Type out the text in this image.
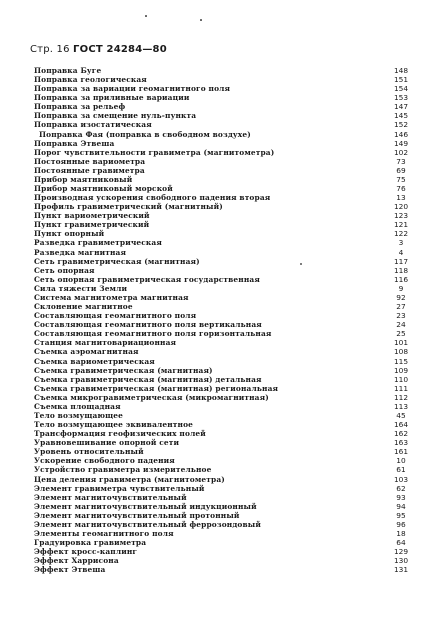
Стр. 16 ГОСТ 24284—80
Поправка Буге	148
Поправка геологическая	151
Поправка за вариации геомагнитного поля	154
Поправка за приливные вариации	153
Поправка за рельеф	147
Поправка за смещение нуль-пункта	145
Поправка изостатическая	152
Поправка Фая (поправка в свободном воздухе)	146
Поправка Этвеша	149
Порог чувствительности гравиметра (магнитометра)	102
Постоянные вариометра	73
Постоянные гравиметра	69
Прибор маятниковый	75
Прибор маятниковый морской	76
Производная ускорения свободного падения вторая	13
Профиль гравиметрический (магнитный)	120
Пункт вариометрический	123
Пункт гравиметрический	121
Пункт опорный	122
Разведка гравиметрическая	3
Разведка магнитная	4
Сеть гравиметрическая (магнитная)	117
Сеть опорная	118
Сеть опорная гравиметрическая государственная	116
Сила тяжести Земли	9
Система магнитометра магнитная	92
Склонение магнитное	27
Составляющая геомагнитного поля	23
Составляющая геомагнитного поля вертикальная	24
Составляющая геомагнитного поля горизонтальная	25
Станция магнитовариационная	101
Съемка аэромагнитная	108
Съемка вариометрическая	115
Съемка гравиметрическая (магнитная)	109
Съемка гравиметрическая (магнитная) детальная	110
Съемка гравиметрическая (магнитная) региональная	111
Съемка микрогравиметрическая (микромагнитная)	112
Съемка площадная	113
Тело возмущающее	45
Тело возмущающее эквивалентное	164
Трансформация геофизических полей	162
Уравновешивание опорной сети	163
Уровень относительный	161
Ускорение свободного падения	10
Устройство гравиметра измерительное	61
Цена деления гравиметра (магнитометра)	103
Элемент гравиметра чувствительный	62
Элемент магниточувствительный	93
Элемент магниточувствительный индукционный	94
Элемент магниточувствительный протонный	95
Элемент магниточувствительный феррозондовый	96
Элементы геомагнитного поля	18
Градуировка гравиметра	64
Эффект кросс-каплинг	129
Эффект Харрисона	130
Эффект Этвеша	131
